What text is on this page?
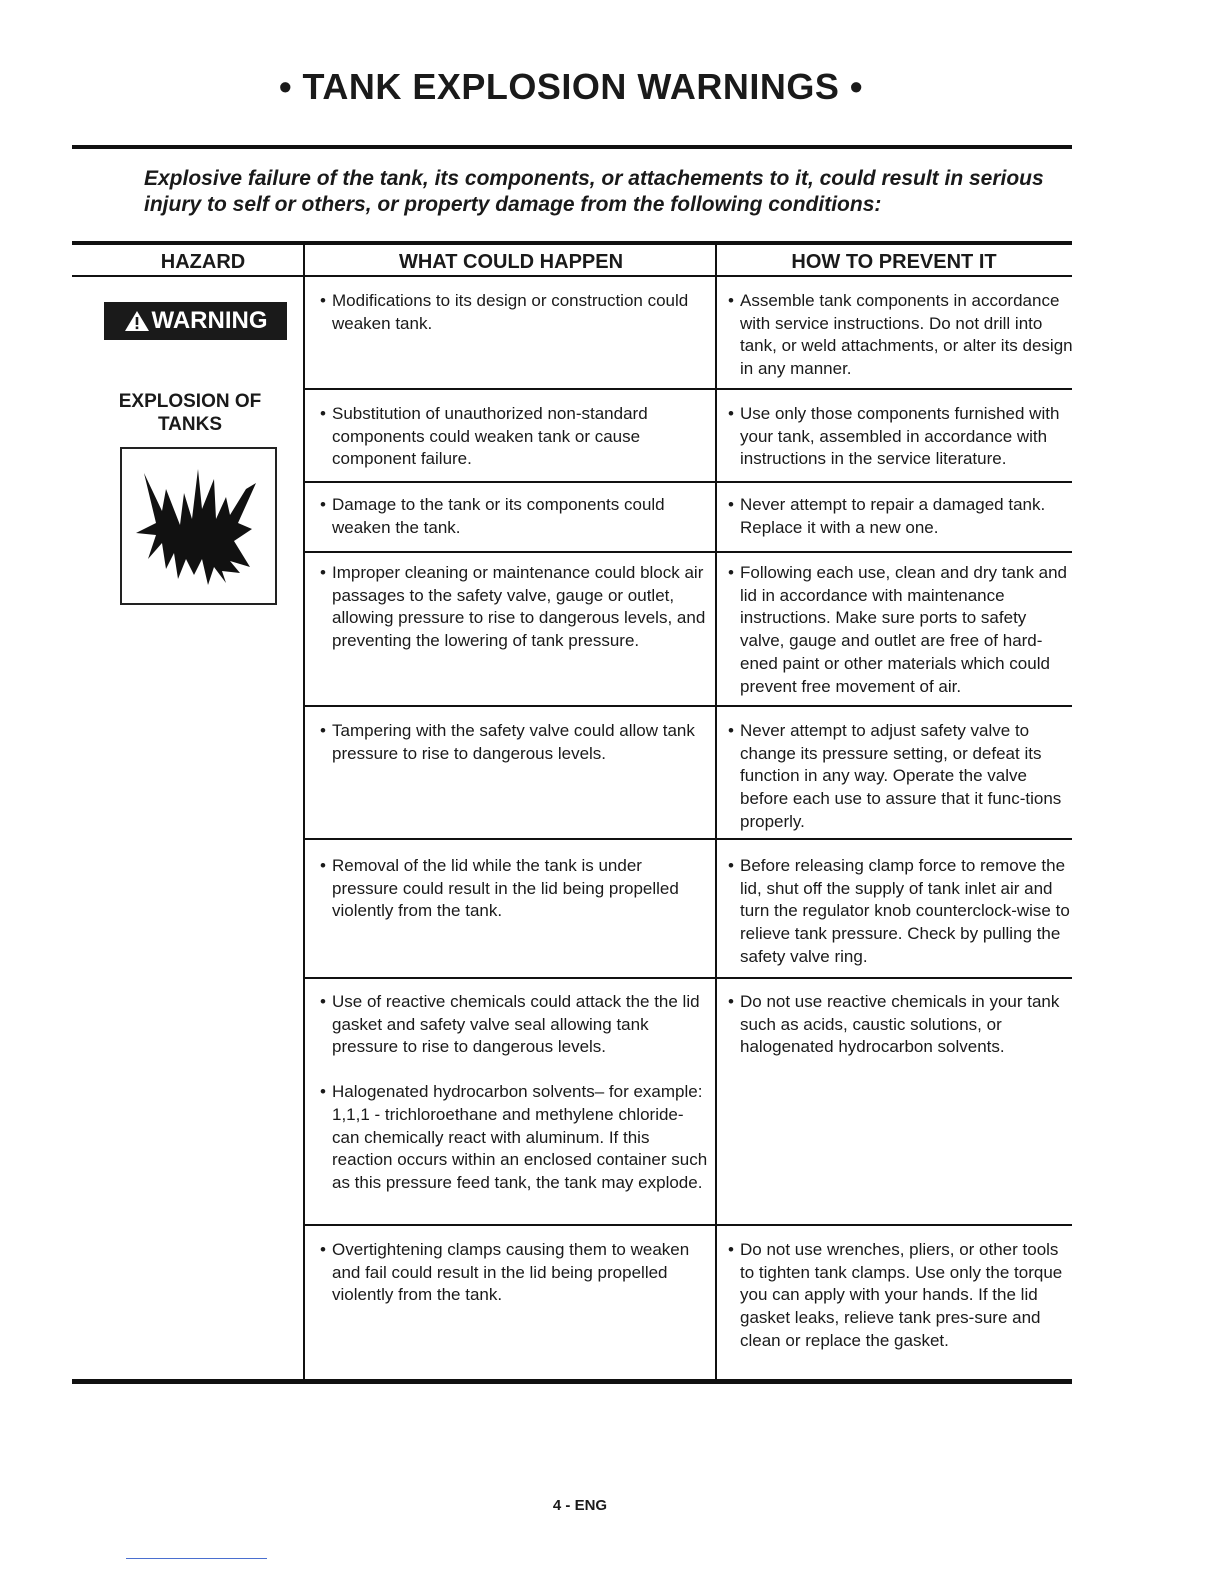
• TANK EXPLOSION WARNINGS •

Explosive failure of the tank, its components, or attachements to it, could result in serious injury to self or others, or property damage from the following conditions:

HAZARD	WHAT COULD HAPPEN	HOW TO PREVENT IT
WARNING
EXPLOSION OF TANKS
• Modifications to its design or construction could weaken tank.
• Assemble tank components in accordance with service instructions. Do not drill into tank, or weld attachments, or alter its design in any manner.
• Substitution of unauthorized non-standard components could weaken tank or cause component failure.
• Use only those components furnished with your tank, assembled in accordance with instructions in the service literature.
• Damage to the tank or its components could weaken the tank.
• Never attempt to repair a damaged tank. Replace it with a new one.
• Improper cleaning or maintenance could block air passages to the safety valve, gauge or outlet, allowing pressure to rise to dangerous levels, and preventing the lowering of tank pressure.
• Following each use, clean and dry tank and lid in accordance with maintenance instructions. Make sure ports to safety valve, gauge and outlet are free of hard-ened paint or other materials which could prevent free movement of air.
• Tampering with the safety valve could allow tank pressure to rise to dangerous levels.
• Never attempt to adjust safety valve to change its pressure setting, or defeat its function in any way. Operate the valve before each use to assure that it func-tions properly.
• Removal of the lid while the tank is under pressure could result in the lid being propelled violently from the tank.
• Before releasing clamp force to remove the lid, shut off the supply of tank inlet air and turn the regulator knob counterclock-wise to relieve tank pressure. Check by pulling the safety valve ring.
• Use of reactive chemicals could attack the the lid gasket and safety valve seal allowing tank pressure to rise to dangerous levels.
• Halogenated hydrocarbon solvents– for example: 1,1,1 - trichloroethane and methylene chloride- can chemically react with aluminum. If this reaction occurs within an enclosed container such as this pressure feed tank, the tank may explode.
• Do not use reactive chemicals in your tank such as acids, caustic solutions, or halogenated hydrocarbon solvents.
• Overtightening clamps causing them to weaken and fail could result in the lid being propelled violently from the tank.
• Do not use wrenches, pliers, or other tools to tighten tank clamps. Use only the torque you can apply with your hands. If the lid gasket leaks, relieve tank pres-sure and clean or replace the gasket.
4 - ENG
